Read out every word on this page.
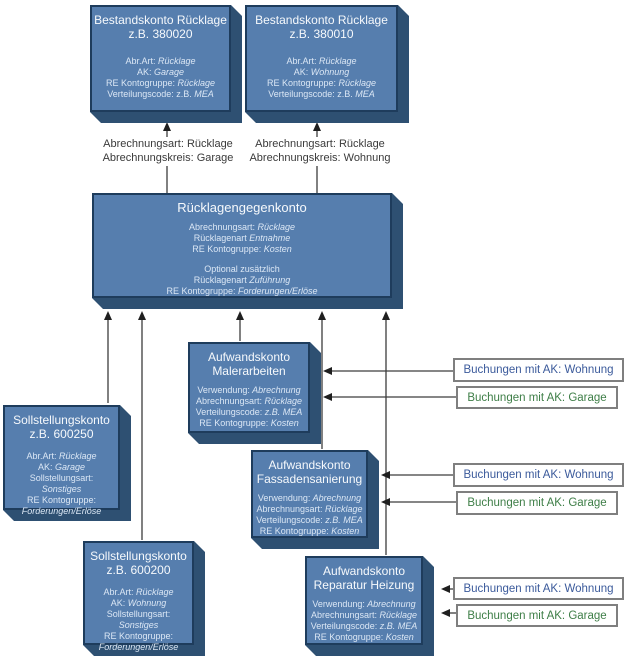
Bestandskonto Rücklage
z.B. 380020
Abr.Art: Rücklage
AK: Garage
RE Kontogruppe: Rücklage
Verteilungscode: z.B. MEA
Bestandskonto Rücklage
z.B. 380010
Abr.Art: Rücklage
AK: Wohnung
RE Kontogruppe: Rücklage
Verteilungscode: z.B. MEA
Abrechnungsart: Rücklage
Abrechnungskreis: Garage
Abrechnungsart: Rücklage
Abrechnungskreis: Wohnung
Rücklagengegenkonto
Abrechnungsart: Rücklage
Rücklagenart Entnahme
RE Kontogruppe: Kosten
Optional zusätzlich
Rücklagenart Zuführung
RE Kontogruppe: Forderungen/Erlöse
Sollstellungskonto
z.B. 600250
Abr.Art: Rücklage
AK: Garage
Sollstellungsart:
Sonstiges
RE Kontogruppe:
Forderungen/Erlöse
Sollstellungskonto
z.B. 600200
Abr.Art: Rücklage
AK: Wohnung
Sollstellungsart:
Sonstiges
RE Kontogruppe:
Forderungen/Erlöse
Aufwandskonto
Malerarbeiten
Verwendung: Abrechnung
Abrechnungsart: Rücklage
Verteilungscode: z.B. MEA
RE Kontogruppe: Kosten
Aufwandskonto
Fassadensanierung
Verwendung: Abrechnung
Abrechnungsart: Rücklage
Verteilungscode: z.B. MEA
RE Kontogruppe: Kosten
Aufwandskonto
Reparatur Heizung
Verwendung: Abrechnung
Abrechnungsart: Rücklage
Verteilungscode: z.B. MEA
RE Kontogruppe: Kosten
Buchungen mit AK: Wohnung
Buchungen mit AK: Garage
Buchungen mit AK: Wohnung
Buchungen mit AK: Garage
Buchungen mit AK: Wohnung
Buchungen mit AK: Garage
